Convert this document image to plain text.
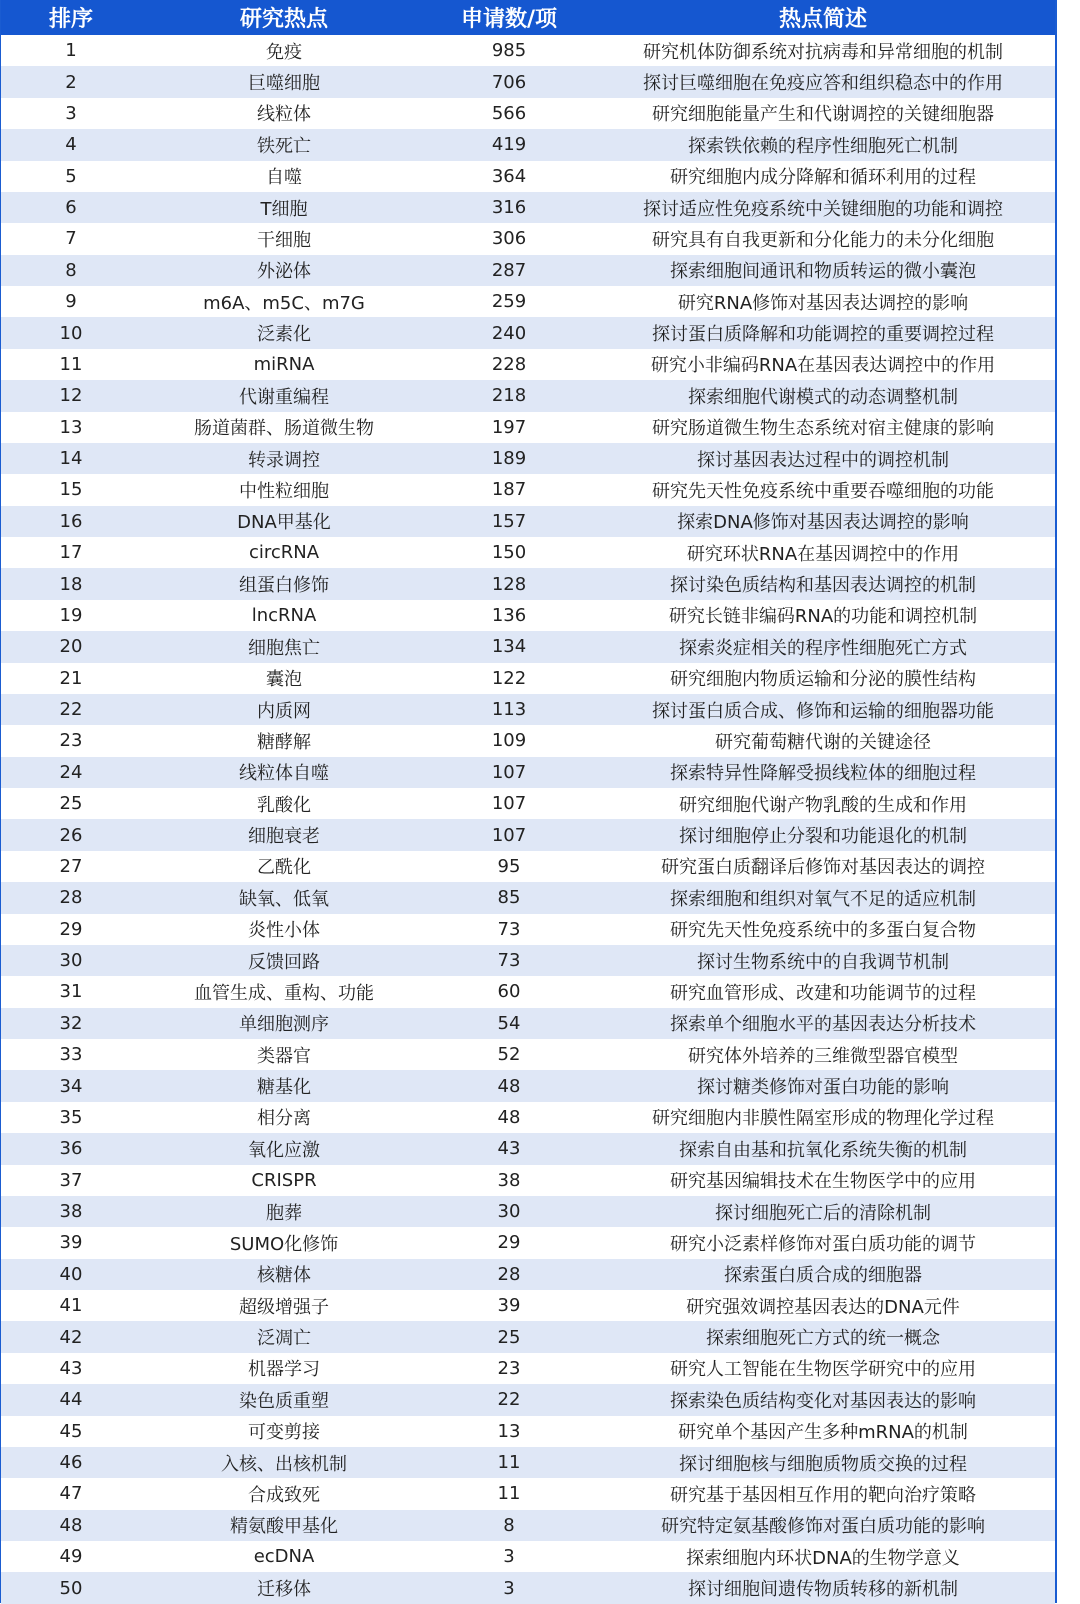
排序	研究热点	申请数/项	热点简述
1	免疫	985	研究机体防御系统对抗病毒和异常细胞的机制
2	巨噬细胞	706	探讨巨噬细胞在免疫应答和组织稳态中的作用
3	线粒体	566	研究细胞能量产生和代谢调控的关键细胞器
4	铁死亡	419	探索铁依赖的程序性细胞死亡机制
5	自噬	364	研究细胞内成分降解和循环利用的过程
6	T细胞	316	探讨适应性免疫系统中关键细胞的功能和调控
7	干细胞	306	研究具有自我更新和分化能力的未分化细胞
8	外泌体	287	探索细胞间通讯和物质转运的微小囊泡
9	m6A、m5C、m7G	259	研究RNA修饰对基因表达调控的影响
10	泛素化	240	探讨蛋白质降解和功能调控的重要调控过程
11	miRNA	228	研究小非编码RNA在基因表达调控中的作用
12	代谢重编程	218	探索细胞代谢模式的动态调整机制
13	肠道菌群、肠道微生物	197	研究肠道微生物生态系统对宿主健康的影响
14	转录调控	189	探讨基因表达过程中的调控机制
15	中性粒细胞	187	研究先天性免疫系统中重要吞噬细胞的功能
16	DNA甲基化	157	探索DNA修饰对基因表达调控的影响
17	circRNA	150	研究环状RNA在基因调控中的作用
18	组蛋白修饰	128	探讨染色质结构和基因表达调控的机制
19	lncRNA	136	研究长链非编码RNA的功能和调控机制
20	细胞焦亡	134	探索炎症相关的程序性细胞死亡方式
21	囊泡	122	研究细胞内物质运输和分泌的膜性结构
22	内质网	113	探讨蛋白质合成、修饰和运输的细胞器功能
23	糖酵解	109	研究葡萄糖代谢的关键途径
24	线粒体自噬	107	探索特异性降解受损线粒体的细胞过程
25	乳酸化	107	研究细胞代谢产物乳酸的生成和作用
26	细胞衰老	107	探讨细胞停止分裂和功能退化的机制
27	乙酰化	95	研究蛋白质翻译后修饰对基因表达的调控
28	缺氧、低氧	85	探索细胞和组织对氧气不足的适应机制
29	炎性小体	73	研究先天性免疫系统中的多蛋白复合物
30	反馈回路	73	探讨生物系统中的自我调节机制
31	血管生成、重构、功能	60	研究血管形成、改建和功能调节的过程
32	单细胞测序	54	探索单个细胞水平的基因表达分析技术
33	类器官	52	研究体外培养的三维微型器官模型
34	糖基化	48	探讨糖类修饰对蛋白功能的影响
35	相分离	48	研究细胞内非膜性隔室形成的物理化学过程
36	氧化应激	43	探索自由基和抗氧化系统失衡的机制
37	CRISPR	38	研究基因编辑技术在生物医学中的应用
38	胞葬	30	探讨细胞死亡后的清除机制
39	SUMO化修饰	29	研究小泛素样修饰对蛋白质功能的调节
40	核糖体	28	探索蛋白质合成的细胞器
41	超级增强子	39	研究强效调控基因表达的DNA元件
42	泛凋亡	25	探索细胞死亡方式的统一概念
43	机器学习	23	研究人工智能在生物医学研究中的应用
44	染色质重塑	22	探索染色质结构变化对基因表达的影响
45	可变剪接	13	研究单个基因产生多种mRNA的机制
46	入核、出核机制	11	探讨细胞核与细胞质物质交换的过程
47	合成致死	11	研究基于基因相互作用的靶向治疗策略
48	精氨酸甲基化	8	研究特定氨基酸修饰对蛋白质功能的影响
49	ecDNA	3	探索细胞内环状DNA的生物学意义
50	迁移体	3	探讨细胞间遗传物质转移的新机制
